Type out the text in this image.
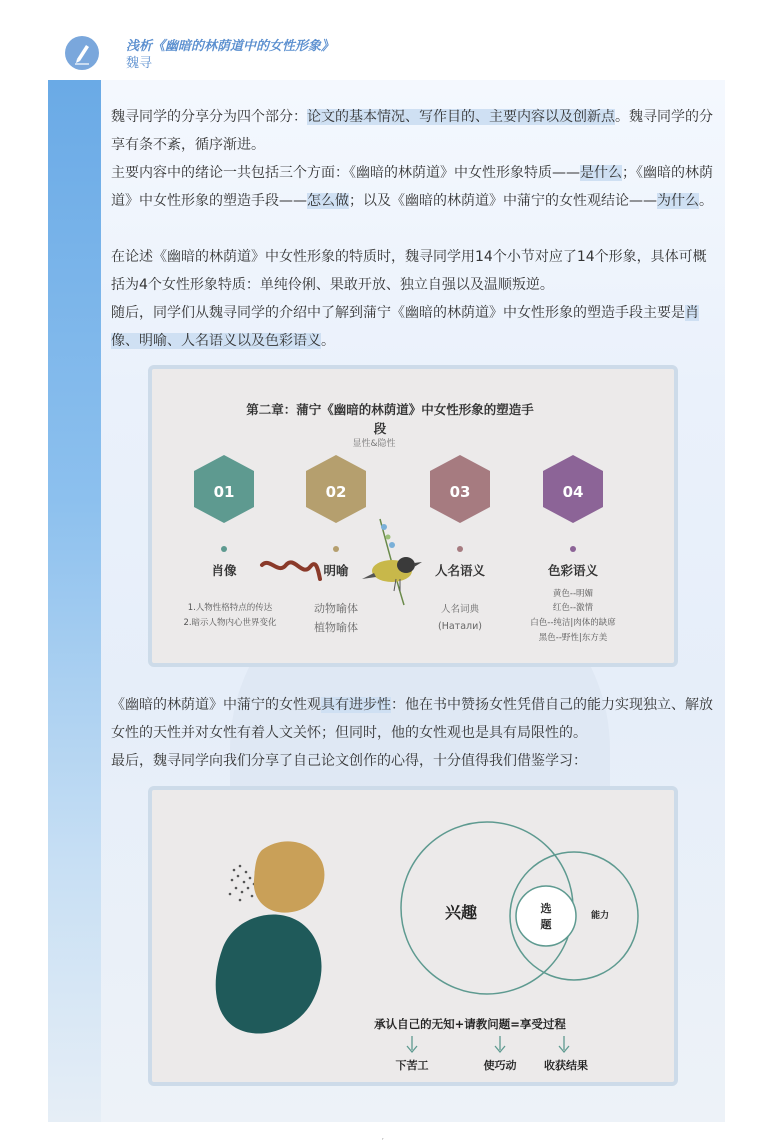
浅析《幽暗的林荫道中的女性形象》
魏寻
魏寻同学的分享分为四个部分：论文的基本情况、写作目的、主要内容以及创新点。魏寻同学的分享有条不紊，循序渐进。
主要内容中的绪论一共包括三个方面：《幽暗的林荫道》中女性形象特质——是什么；《幽暗的林荫道》中女性形象的塑造手段——怎么做；以及《幽暗的林荫道》中蒲宁的女性观结论——为什么。
在论述《幽暗的林荫道》中女性形象的特质时，魏寻同学用14个小节对应了14个形象，具体可概括为4个女性形象特质：单纯伶俐、果敢开放、独立自强以及温顺叛逆。
随后，同学们从魏寻同学的介绍中了解到蒲宁《幽暗的林荫道》中女性形象的塑造手段主要是肖像、明喻、人名语义以及色彩语义。
第二章：蒲宁《幽暗的林荫道》中女性形象的塑造手
段
显性&隐性
01	02	03	04
肖像	明喻	人名语义	色彩语义
1.人物性格特点的传达
2.暗示人物内心世界变化
动物喻体
植物喻体
人名词典
(Натали)
黄色--明媚
红色--激情
白色--纯洁|肉体的缺席
黑色--野性|东方美
《幽暗的林荫道》中蒲宁的女性观具有进步性：他在书中赞扬女性凭借自己的能力实现独立、解放女性的天性并对女性有着人文关怀；但同时，他的女性观也是具有局限性的。
最后，魏寻同学向我们分享了自己论文创作的心得，十分值得我们借鉴学习：
兴趣	选
题
能力
承认自己的无知+请教问题=享受过程
下苦工	使巧动	收获结果
